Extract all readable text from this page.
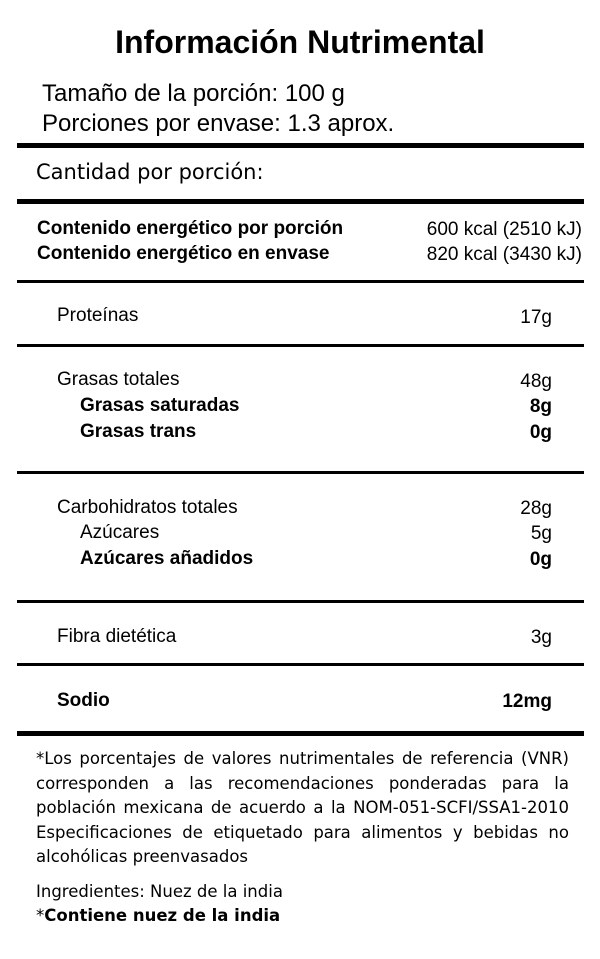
Información Nutrimental
Tamaño de la porción: 100 g
Porciones por envase: 1.3 aprox.
Cantidad por porción:
Contenido energético por porción	600 kcal (2510 kJ)
Contenido energético en envase	820 kcal (3430 kJ)
Proteínas	17g
Grasas totales	48g
Grasas saturadas	8g
Grasas trans	0g
Carbohidratos totales	28g
Azúcares	5g
Azúcares añadidos	0g
Fibra dietética	3g
Sodio	12mg
*Los porcentajes de valores nutrimentales de referencia (VNR) corresponden a las recomendaciones ponderadas para la población mexicana de acuerdo a la NOM-051-SCFI/SSA1-2010 Especificaciones de etiquetado para alimentos y bebidas no alcohólicas preenvasados
Ingredientes: Nuez de la india
*Contiene nuez de la india
